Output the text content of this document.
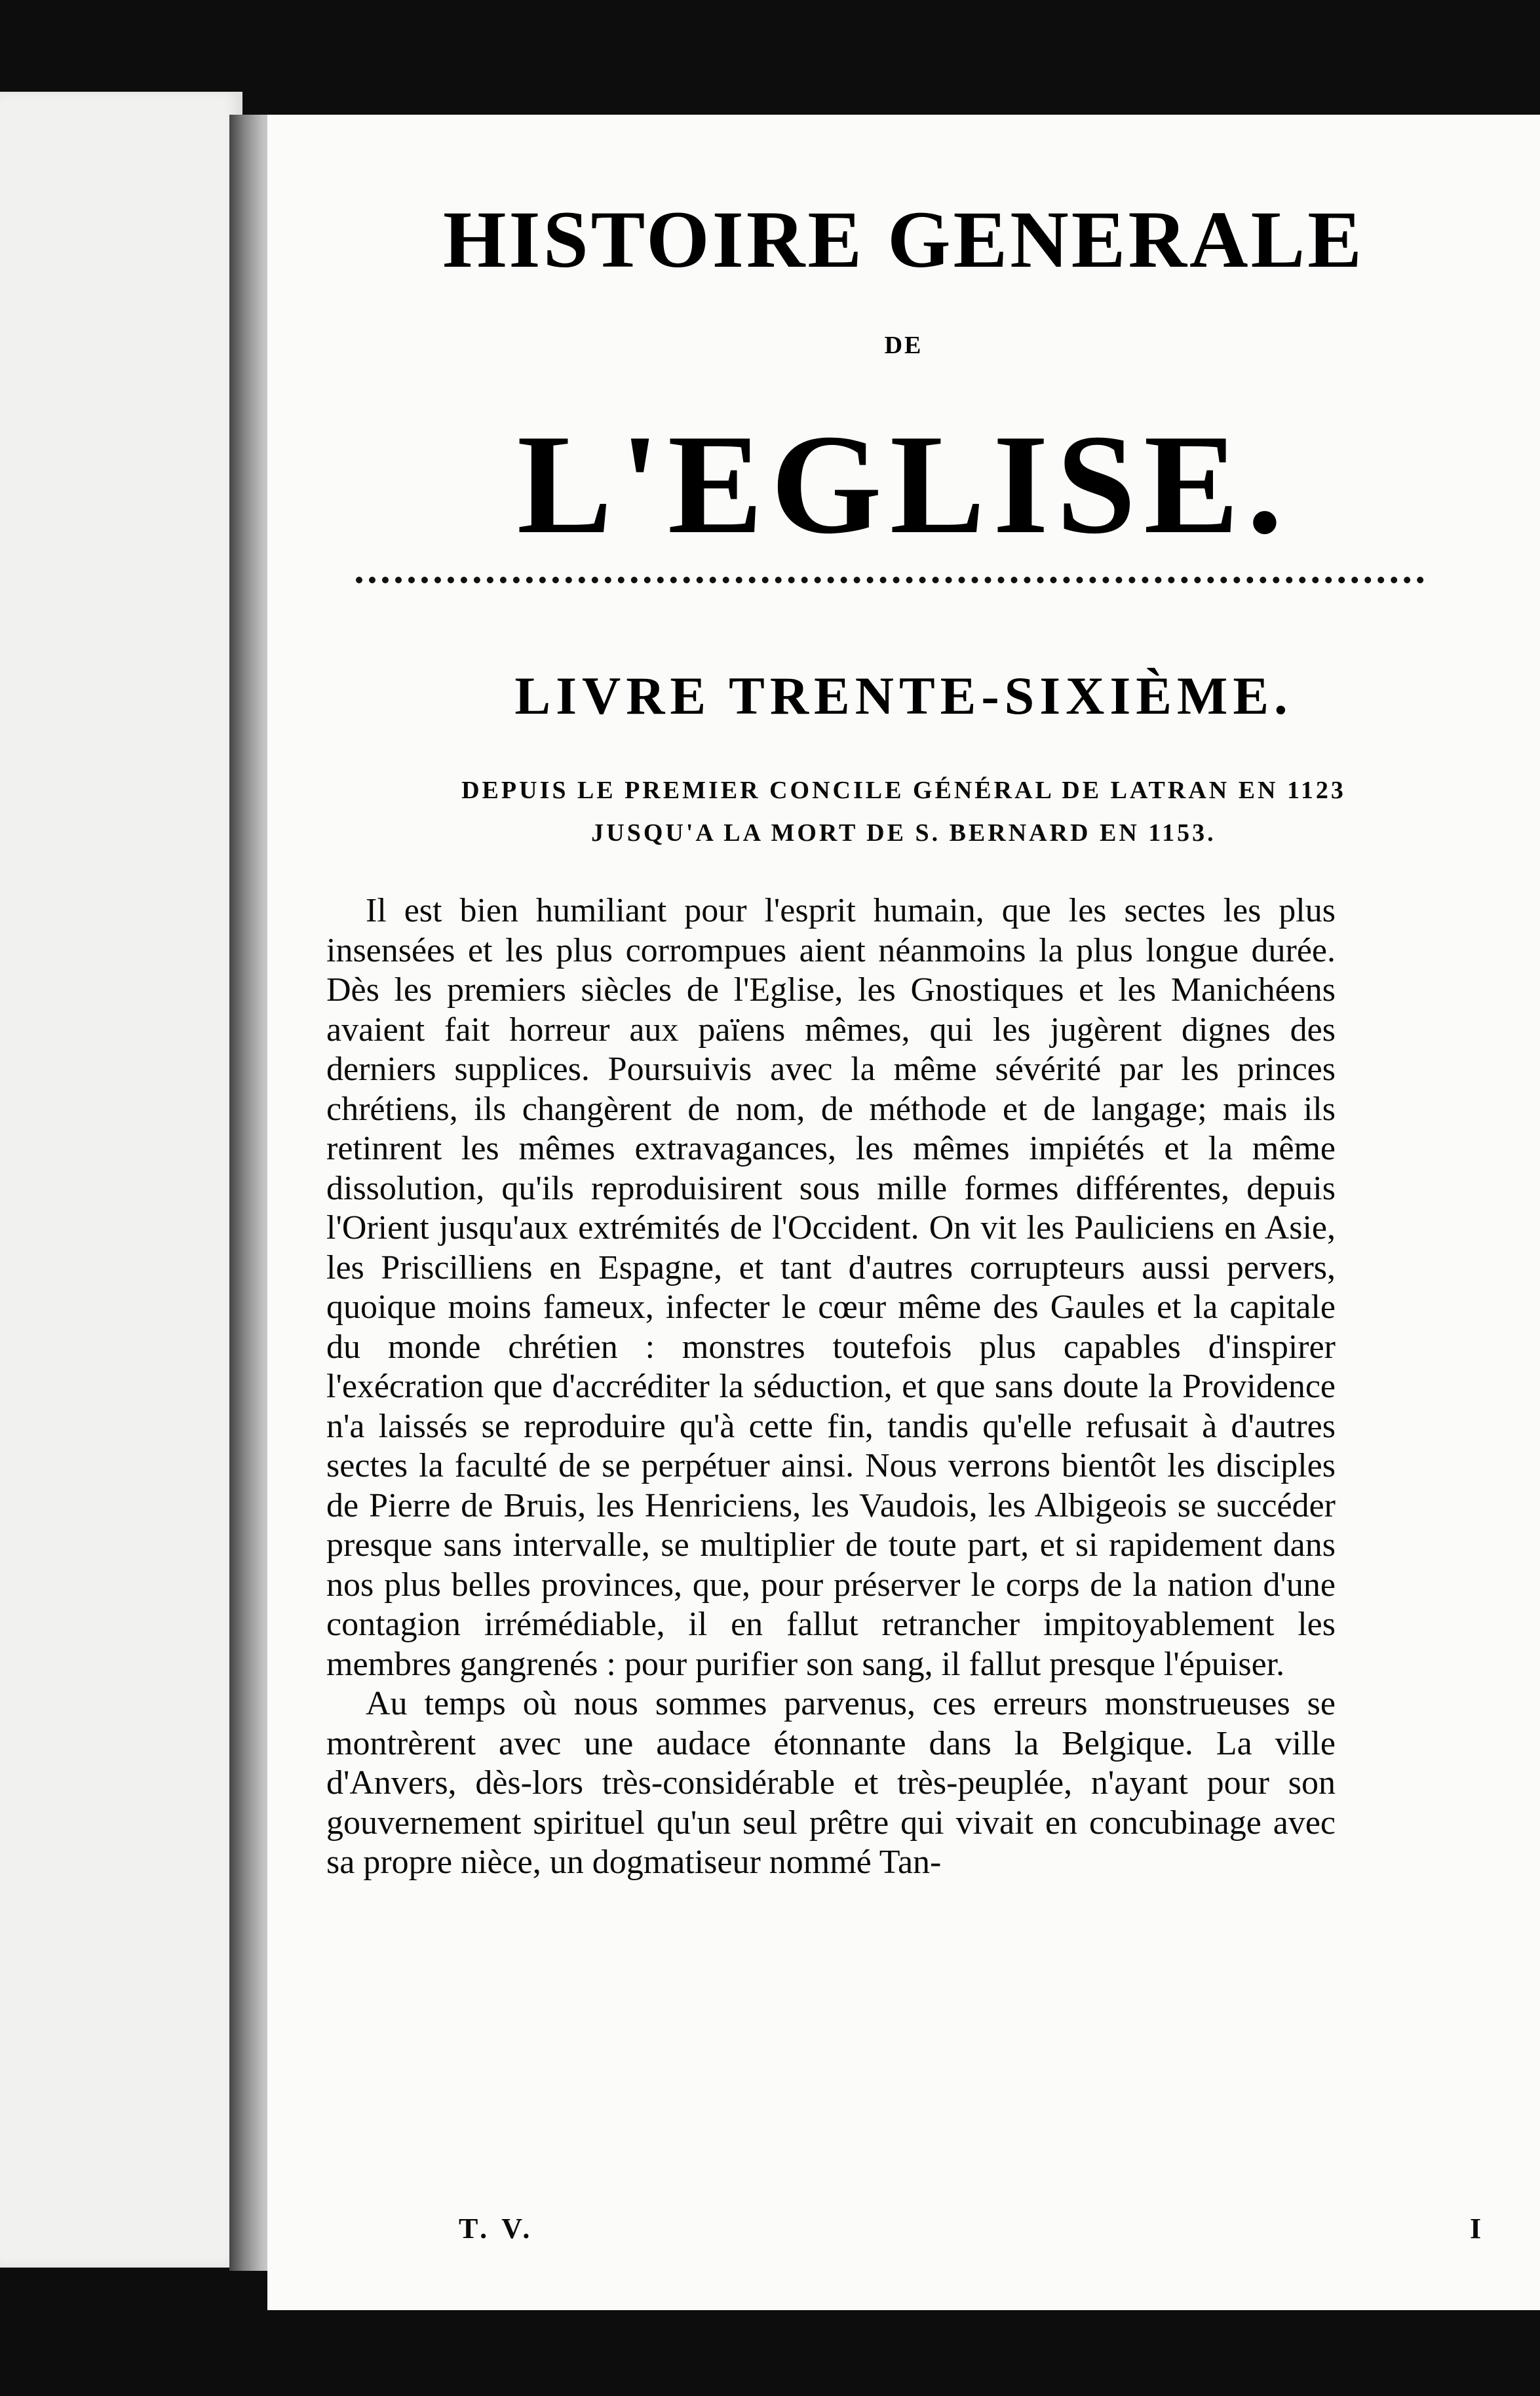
HISTOIRE GENERALE
DE
L'EGLISE.
LIVRE TRENTE-SIXIÈME.
DEPUIS LE PREMIER CONCILE GÉNÉRAL DE LATRAN EN 1123
JUSQU'A LA MORT DE S. BERNARD EN 1153.

Il est bien humiliant pour l'esprit humain, que les sectes les plus insensées et les plus corrompues aient néanmoins la plus longue durée. Dès les premiers siècles de l'Eglise, les Gnostiques et les Manichéens avaient fait horreur aux païens mêmes, qui les jugèrent dignes des derniers supplices. Poursuivis avec la même sévérité par les princes chrétiens, ils changèrent de nom, de méthode et de langage; mais ils retinrent les mêmes extravagances, les mêmes impiétés et la même dissolution, qu'ils reproduisirent sous mille formes différentes, depuis l'Orient jusqu'aux extrémités de l'Occident. On vit les Pauliciens en Asie, les Priscilliens en Espagne, et tant d'autres corrupteurs aussi pervers, quoique moins fameux, infecter le cœur même des Gaules et la capitale du monde chrétien : monstres toutefois plus capables d'inspirer l'exécration que d'accréditer la séduction, et que sans doute la Providence n'a laissés se reproduire qu'à cette fin, tandis qu'elle refusait à d'autres sectes la faculté de se perpétuer ainsi. Nous verrons bientôt les disciples de Pierre de Bruis, les Henriciens, les Vaudois, les Albigeois se succéder presque sans intervalle, se multiplier de toute part, et si rapidement dans nos plus belles provinces, que, pour préserver le corps de la nation d'une contagion irrémédiable, il en fallut retrancher impitoyablement les membres gangrenés : pour purifier son sang, il fallut presque l'épuiser.

Au temps où nous sommes parvenus, ces erreurs monstrueuses se montrèrent avec une audace étonnante dans la Belgique. La ville d'Anvers, dès-lors très-considérable et très-peuplée, n'ayant pour son gouvernement spirituel qu'un seul prêtre qui vivait en concubinage avec sa propre nièce, un dogmatiseur nommé Tan-

T. V.	I
